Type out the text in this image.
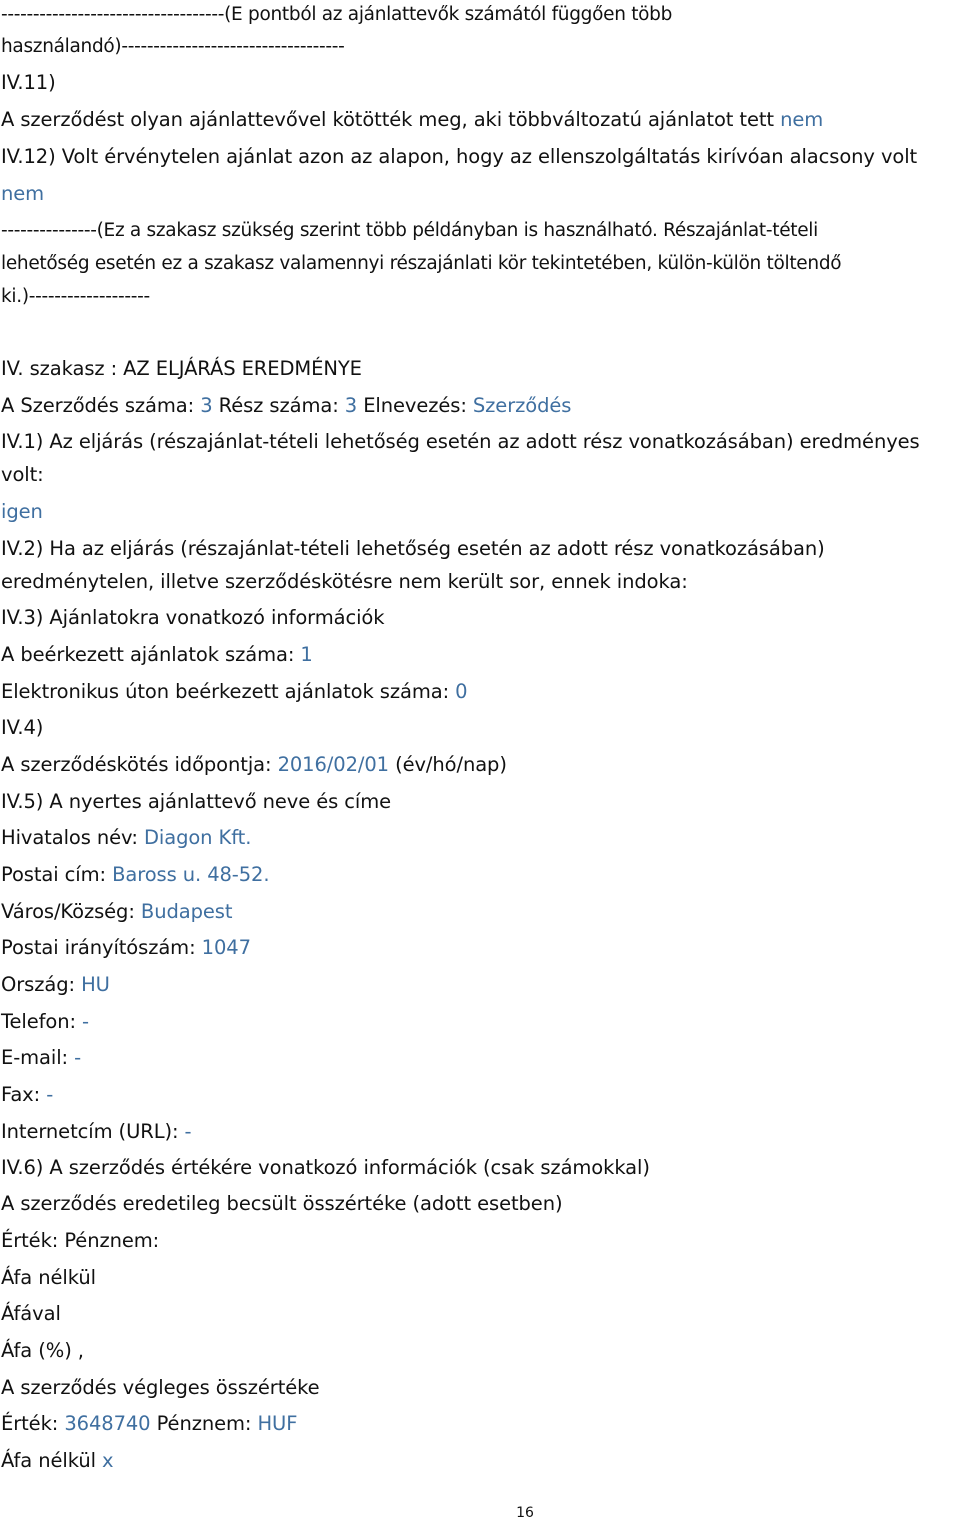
-----------------------------------(E pontból az ajánlattevők számától függően több
használandó)-----------------------------------
IV.11)
A szerződést olyan ajánlattevővel kötötték meg, aki többváltozatú ajánlatot tett nem
IV.12) Volt érvénytelen ajánlat azon az alapon, hogy az ellenszolgáltatás kirívóan alacsony volt
nem
---------------(Ez a szakasz szükség szerint több példányban is használható. Részajánlat-tételi
lehetőség esetén ez a szakasz valamennyi részajánlati kör tekintetében, külön-külön töltendő
ki.)-------------------
IV. szakasz : AZ ELJÁRÁS EREDMÉNYE
A Szerződés száma: 3 Rész száma: 3 Elnevezés: Szerződés
IV.1) Az eljárás (részajánlat-tételi lehetőség esetén az adott rész vonatkozásában) eredményes
volt:
igen
IV.2) Ha az eljárás (részajánlat-tételi lehetőség esetén az adott rész vonatkozásában)
eredménytelen, illetve szerződéskötésre nem került sor, ennek indoka:
IV.3) Ajánlatokra vonatkozó információk
A beérkezett ajánlatok száma: 1
Elektronikus úton beérkezett ajánlatok száma: 0
IV.4)
A szerződéskötés időpontja: 2016/02/01 (év/hó/nap)
IV.5) A nyertes ajánlattevő neve és címe
Hivatalos név: Diagon Kft.
Postai cím: Baross u. 48-52.
Város/Község: Budapest
Postai irányítószám: 1047
Ország: HU
Telefon: -
E-mail: -
Fax: -
Internetcím (URL): -
IV.6) A szerződés értékére vonatkozó információk (csak számokkal)
A szerződés eredetileg becsült összértéke (adott esetben)
Érték: Pénznem:
Áfa nélkül
Áfával
Áfa (%) ,
A szerződés végleges összértéke
Érték: 3648740 Pénznem: HUF
Áfa nélkül x
16
